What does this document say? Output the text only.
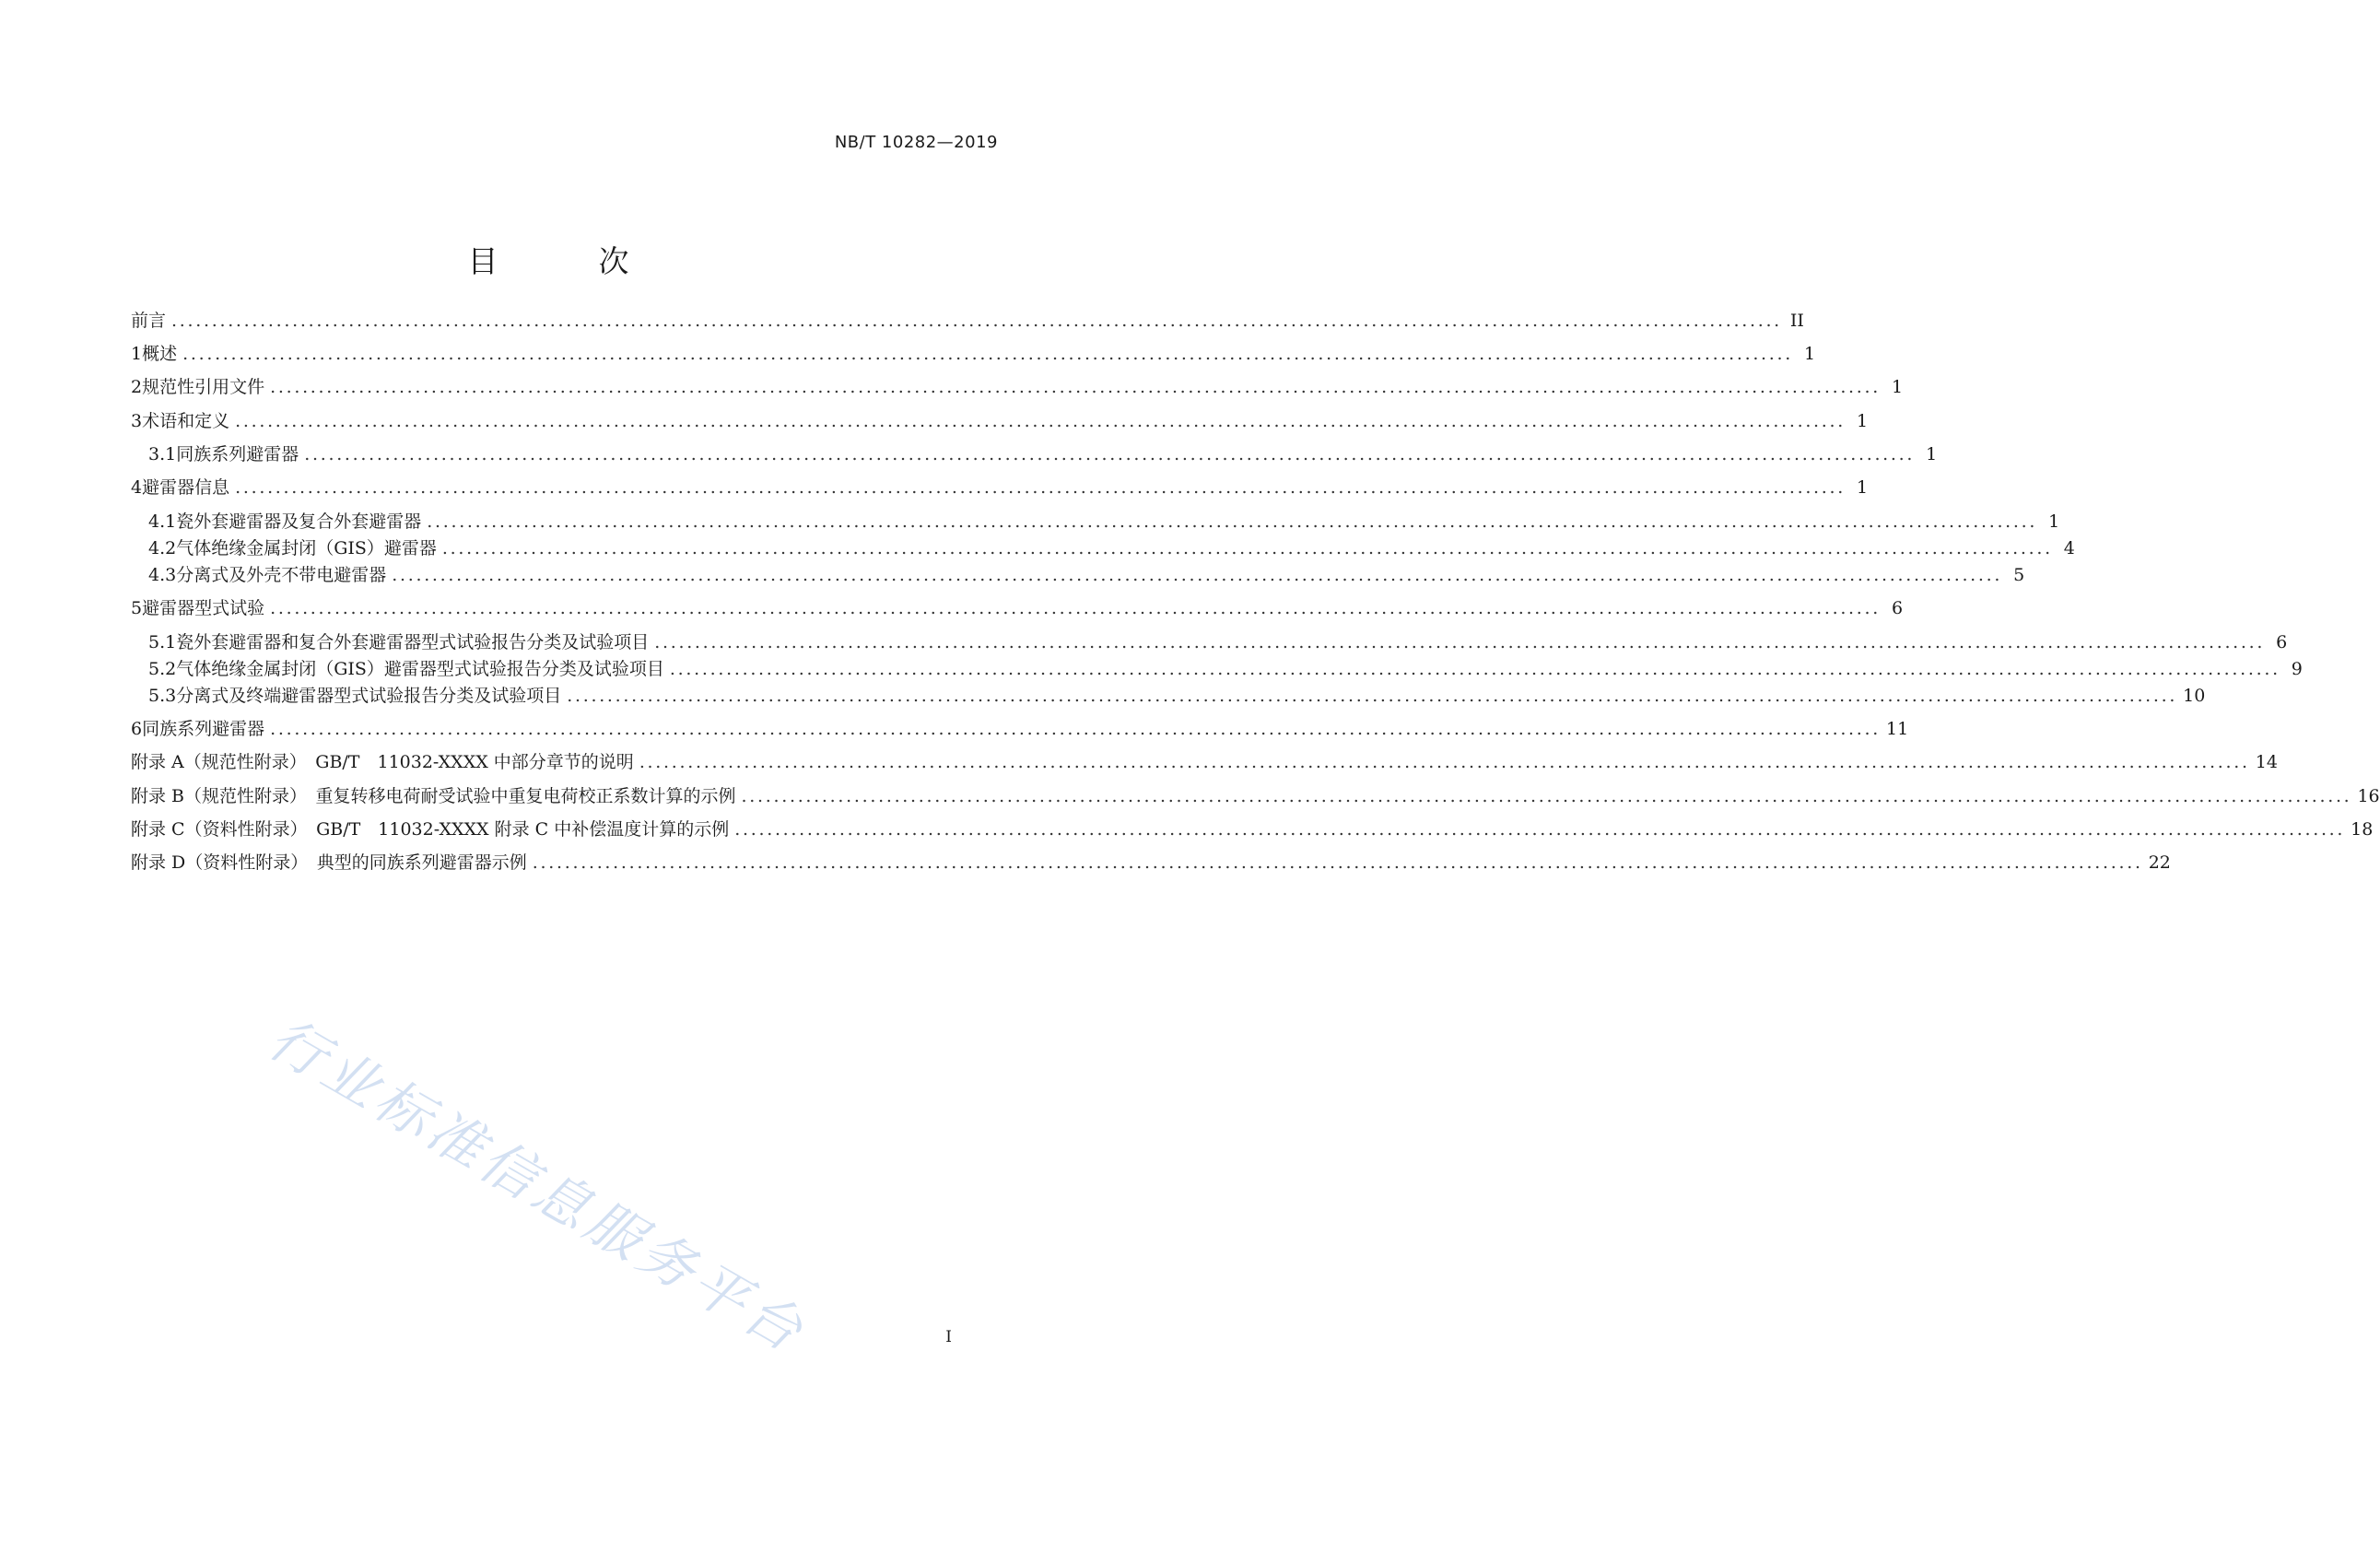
NB/T 10282—2019
目　次
前言 ........................................................................................................................................................................................................ II
1 概述 ........................................................................................................................................................................................................ 1
2 规范性引用文件 ........................................................................................................................................................................................................ 1
3 术语和定义 ........................................................................................................................................................................................................ 1
3.1 同族系列避雷器 ........................................................................................................................................................................................................ 1
4 避雷器信息 ........................................................................................................................................................................................................ 1
4.1 瓷外套避雷器及复合外套避雷器 ........................................................................................................................................................................................................ 1
4.2 气体绝缘金属封闭（GIS）避雷器 ........................................................................................................................................................................................................ 4
4.3 分离式及外壳不带电避雷器 ........................................................................................................................................................................................................ 5
5 避雷器型式试验 ........................................................................................................................................................................................................ 6
5.1 瓷外套避雷器和复合外套避雷器型式试验报告分类及试验项目 ........................................................................................................................................................................................................ 6
5.2 气体绝缘金属封闭（GIS）避雷器型式试验报告分类及试验项目 ........................................................................................................................................................................................................ 9
5.3 分离式及终端避雷器型式试验报告分类及试验项目 ........................................................................................................................................................................................................ 10
6 同族系列避雷器 ........................................................................................................................................................................................................ 11
附录 A（规范性附录）　GB/T　11032-XXXX 中部分章节的说明 ........................................................................................................................................................................................................ 14
附录 B（规范性附录）　重复转移电荷耐受试验中重复电荷校正系数计算的示例 ........................................................................................................................................................................................................ 16
附录 C（资料性附录）　GB/T　11032-XXXX 附录 C 中补偿温度计算的示例 ........................................................................................................................................................................................................ 18
附录 D（资料性附录）　典型的同族系列避雷器示例 ........................................................................................................................................................................................................ 22
行业标准信息服务平台	I
